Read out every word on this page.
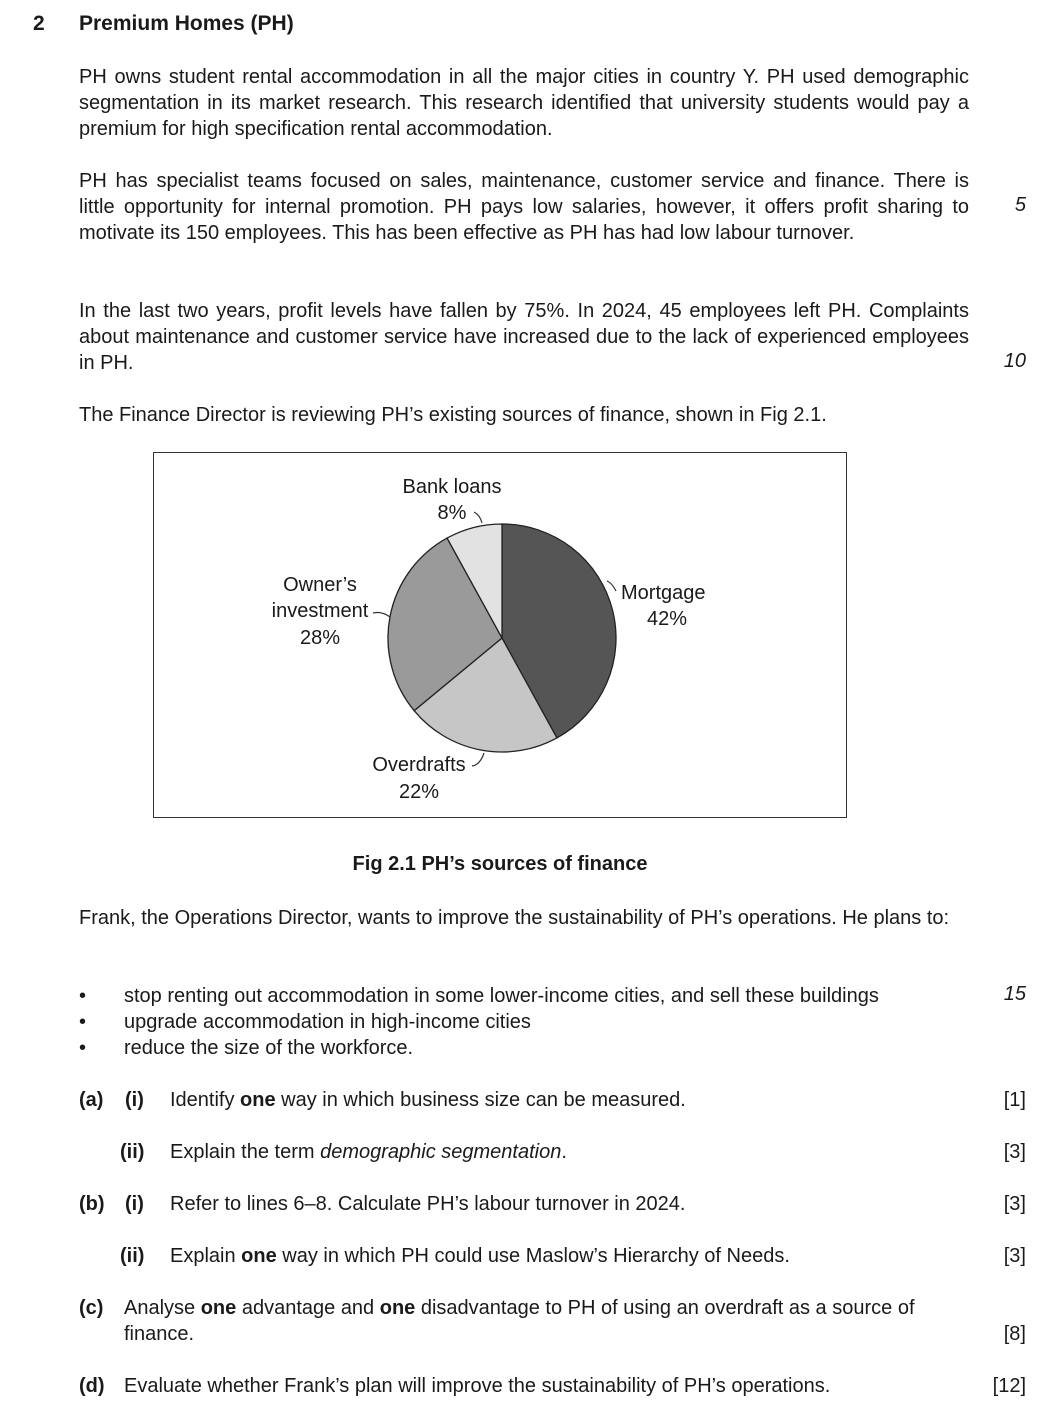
2 Premium Homes (PH)

PH owns student rental accommodation in all the major cities in country Y. PH used demographic segmentation in its market research. This research identified that university students would pay a premium for high specification rental accommodation.

PH has specialist teams focused on sales, maintenance, customer service and finance. There is little opportunity for internal promotion. PH pays low salaries, however, it offers profit sharing to motivate its 150 employees. This has been effective as PH has had low labour turnover.

In the last two years, profit levels have fallen by 75%. In 2024, 45 employees left PH. Complaints about maintenance and customer service have increased due to the lack of experienced employees in PH.

The Finance Director is reviewing PH’s existing sources of finance, shown in Fig 2.1.

5
10
15
Mortgage
42%
Bank loans
8%
Owner’s
investment
28%
Overdrafts
22%
Fig 2.1 PH’s sources of finance

Frank, the Operations Director, wants to improve the sustainability of PH’s operations. He plans to:

• stop renting out accommodation in some lower-income cities, and sell these buildings
• upgrade accommodation in high-income cities
• reduce the size of the workforce.
(a) (i) Identify one way in which business size can be measured.	[1]
(ii) Explain the term demographic segmentation.	[3]
(b) (i) Refer to lines 6–8. Calculate PH’s labour turnover in 2024.	[3]
(ii) Explain one way in which PH could use Maslow’s Hierarchy of Needs.	[3]
(c) Analyse one advantage and one disadvantage to PH of using an overdraft as a source of
finance.	[8]
(d) Evaluate whether Frank’s plan will improve the sustainability of PH’s operations.	[12]
